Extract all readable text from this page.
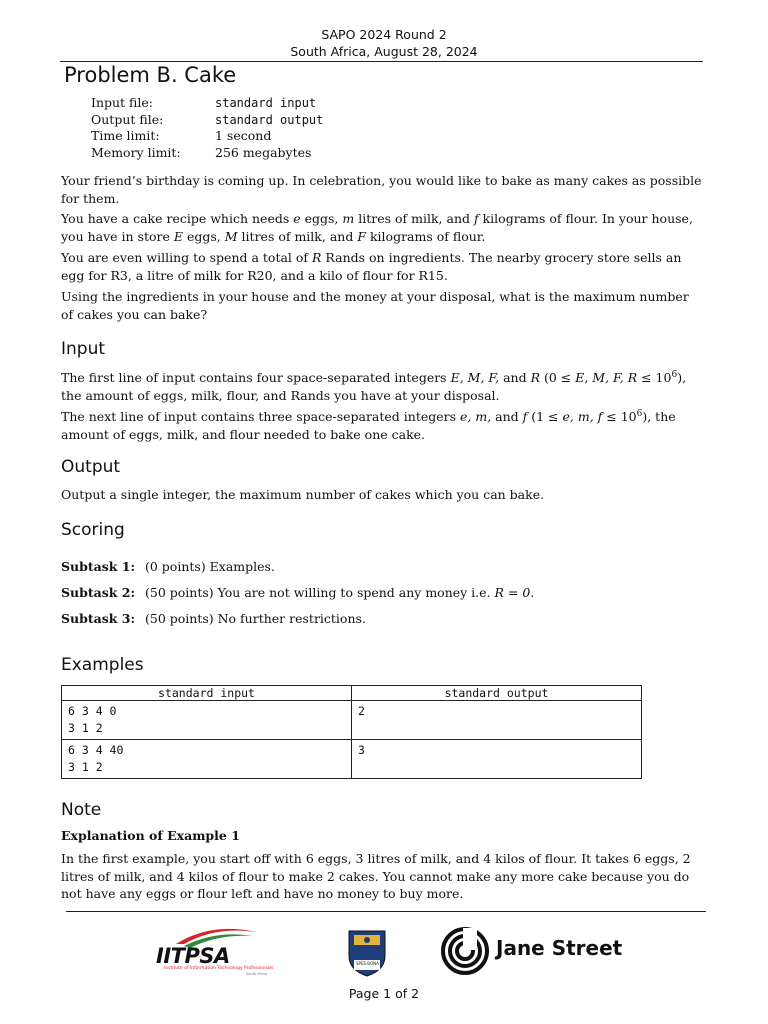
SAPO 2024 Round 2
South Africa, August 28, 2024
Problem B. Cake
Input file:	standard input
Output file:	standard output
Time limit:	1 second
Memory limit:	256 megabytes

Your friend’s birthday is coming up. In celebration, you would like to bake as many cakes as possible for them.

You have a cake recipe which needs e eggs, m litres of milk, and f kilograms of flour. In your house, you have in store E eggs, M litres of milk, and F kilograms of flour.

You are even willing to spend a total of R Rands on ingredients. The nearby grocery store sells an egg for R3, a litre of milk for R20, and a kilo of flour for R15.

Using the ingredients in your house and the money at your disposal, what is the maximum number of cakes you can bake?

Input

The first line of input contains four space-separated integers E, M, F, and R (0 ≤ E, M, F, $R \le 10^6$), the amount of eggs, milk, flour, and Rands you have at your disposal.

The next line of input contains three space-separated integers e, m, and f (1 ≤ e, m, $f \le 10^6$), the amount of eggs, milk, and flour needed to bake one cake.

Output

Output a single integer, the maximum number of cakes which you can bake.

Scoring
Subtask 1: (0 points) Examples.
Subtask 2: (50 points) You are not willing to spend any money i.e. R = 0.
Subtask 3: (50 points) No further restrictions.
Examples
standard input	standard output
6 3 4 0
3 1 2	2
6 3 4 40
3 1 2	3
Note
Explanation of Example 1

In the first example, you start off with 6 eggs, 3 litres of milk, and 4 kilos of flour. It takes 6 eggs, 2 litres of milk, and 4 kilos of flour to make 2 cakes. You cannot make any more cake because you do not have any eggs or flour left and have no money to buy more.

IITPSA
Institute of Information Technology Professionals
South Africa
SPES BONA
Jane Street
Page 1 of 2
